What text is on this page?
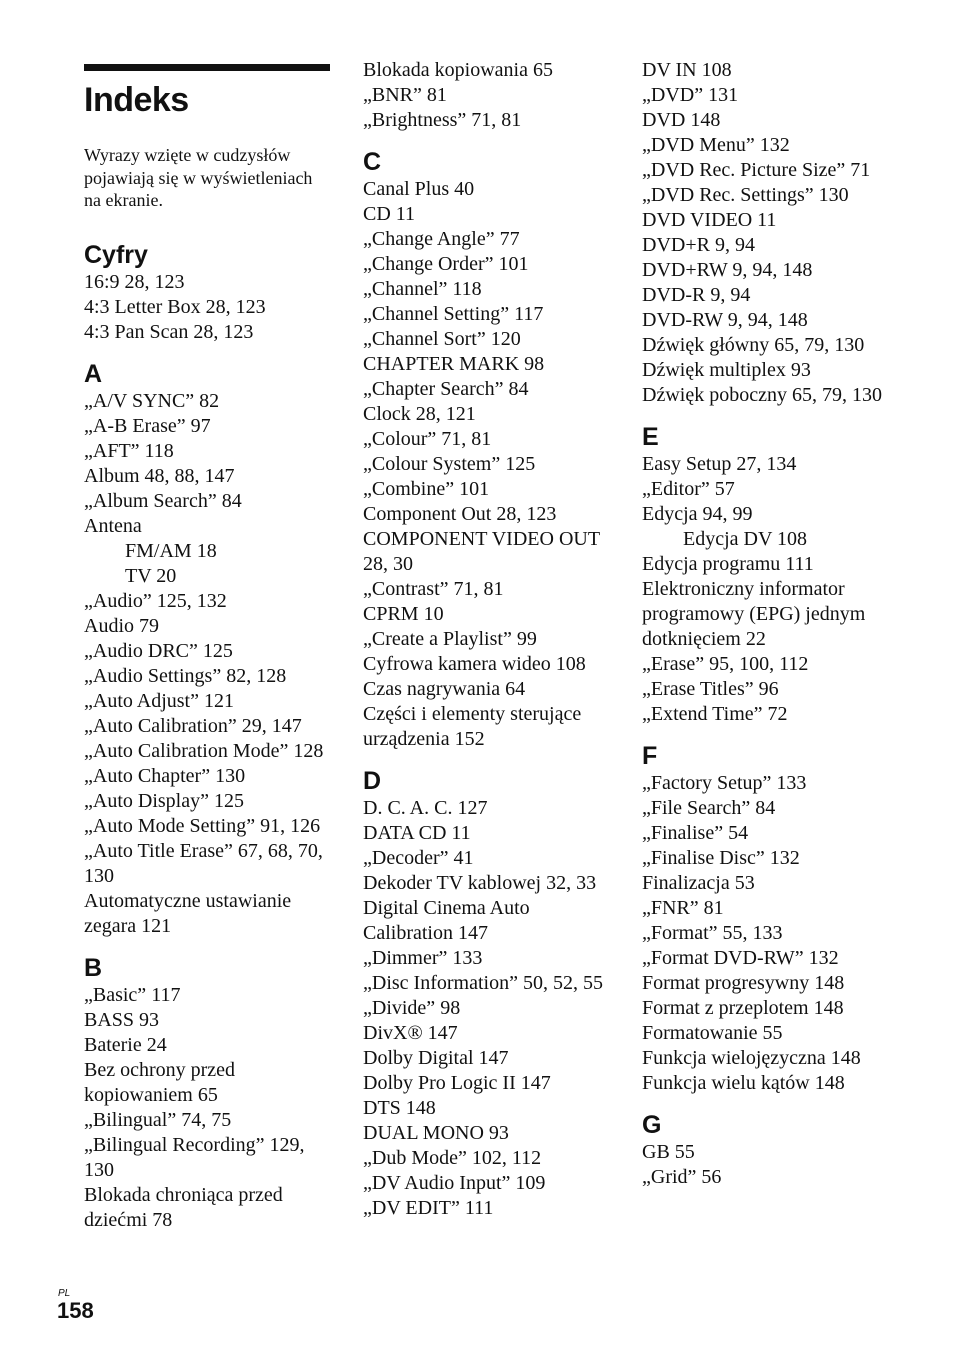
Indeks

Wyrazy wzięte w cudzysłów pojawiają się w wyświetleniach na ekranie.

Cyfry

16:9 28, 123

4:3 Letter Box 28, 123

4:3 Pan Scan 28, 123

A

„A/V SYNC” 82

„A-B Erase” 97

„AFT” 118

Album 48, 88, 147

„Album Search” 84

Antena

FM/AM 18

TV 20

„Audio” 125, 132

Audio 79

„Audio DRC” 125

„Audio Settings” 82, 128

„Auto Adjust” 121

„Auto Calibration” 29, 147

„Auto Calibration Mode” 128

„Auto Chapter” 130

„Auto Display” 125

„Auto Mode Setting” 91, 126

„Auto Title Erase” 67, 68, 70, 130

Automatyczne ustawianie zegara 121

B

„Basic” 117

BASS 93

Baterie 24

Bez ochrony przed kopiowaniem 65

„Bilingual” 74, 75

„Bilingual Recording” 129, 130

Blokada chroniąca przed dziećmi 78

Blokada kopiowania 65

„BNR” 81

„Brightness” 71, 81

C

Canal Plus 40

CD 11

„Change Angle” 77

„Change Order” 101

„Channel” 118

„Channel Setting” 117

„Channel Sort” 120

CHAPTER MARK 98

„Chapter Search” 84

Clock 28, 121

„Colour” 71, 81

„Colour System” 125

„Combine” 101

Component Out 28, 123

COMPONENT VIDEO OUT 28, 30

„Contrast” 71, 81

CPRM 10

„Create a Playlist” 99

Cyfrowa kamera wideo 108

Czas nagrywania 64

Części i elementy sterujące urządzenia 152

D

D. C. A. C. 127

DATA CD 11

„Decoder” 41

Dekoder TV kablowej 32, 33

Digital Cinema Auto Calibration 147

„Dimmer” 133

„Disc Information” 50, 52, 55

„Divide” 98

DivX® 147

Dolby Digital 147

Dolby Pro Logic II 147

DTS 148

DUAL MONO 93

„Dub Mode” 102, 112

„DV Audio Input” 109

„DV EDIT” 111

DV IN 108

„DVD” 131

DVD 148

„DVD Menu” 132

„DVD Rec. Picture Size” 71

„DVD Rec. Settings” 130

DVD VIDEO 11

DVD+R 9, 94

DVD+RW 9, 94, 148

DVD-R 9, 94

DVD-RW 9, 94, 148

Dźwięk główny 65, 79, 130

Dźwięk multiplex 93

Dźwięk poboczny 65, 79, 130

E

Easy Setup 27, 134

„Editor” 57

Edycja 94, 99

Edycja DV 108

Edycja programu 111

Elektroniczny informator programowy (EPG) jednym dotknięciem 22

„Erase” 95, 100, 112

„Erase Titles” 96

„Extend Time” 72

F

„Factory Setup” 133

„File Search” 84

„Finalise” 54

„Finalise Disc” 132

Finalizacja 53

„FNR” 81

„Format” 55, 133

„Format DVD-RW” 132

Format progresywny 148

Format z przeplotem 148

Formatowanie 55

Funkcja wielojęzyczna 148

Funkcja wielu kątów 148

G

GB 55

„Grid” 56

PL
158
